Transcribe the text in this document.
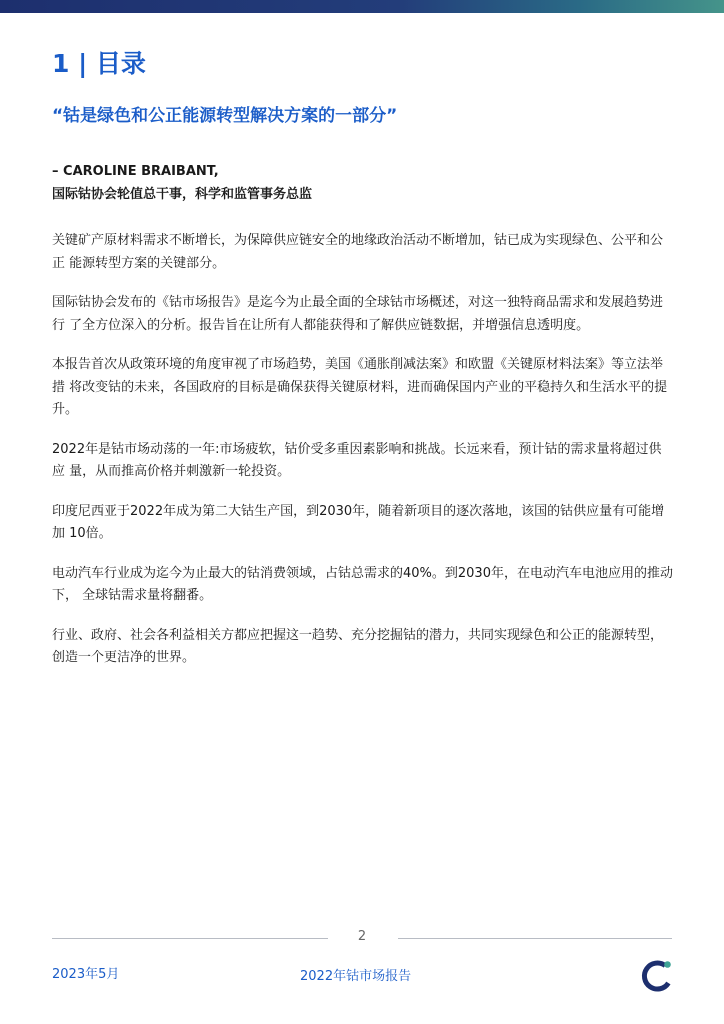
1 | 目录
“钴是绿色和公正能源转型解决方案的一部分”
– CAROLINE BRAIBANT,
国际钴协会轮值总干事，科学和监管事务总监

关键矿产原材料需求不断增长，为保障供应链安全的地缘政治活动不断增加，钴已成为实现绿色、公平和公正 能源转型方案的关键部分。

国际钴协会发布的《钴市场报告》是迄今为止最全面的全球钴市场概述，对这一独特商品需求和发展趋势进行 了全方位深入的分析。报告旨在让所有人都能获得和了解供应链数据，并增强信息透明度。

本报告首次从政策环境的角度审视了市场趋势，美国《通胀削减法案》和欧盟《关键原材料法案》等立法举措 将改变钴的未来，各国政府的目标是确保获得关键原材料，进而确保国内产业的平稳持久和生活水平的提升。

2022年是钴市场动荡的一年:市场疲软，钴价受多重因素影响和挑战。长远来看，预计钴的需求量将超过供应 量，从而推高价格并刺激新一轮投资。

印度尼西亚于2022年成为第二大钴生产国，到2030年，随着新项目的逐次落地，该国的钴供应量有可能增加 10倍。

电动汽车行业成为迄今为止最大的钴消费领域，占钴总需求的40%。到2030年，在电动汽车电池应用的推动下， 全球钴需求量将翻番。

行业、政府、社会各利益相关方都应把握这一趋势、充分挖掘钴的潜力，共同实现绿色和公正的能源转型，创造一个更洁净的世界。

2
2023年5月	2022年钴市场报告
